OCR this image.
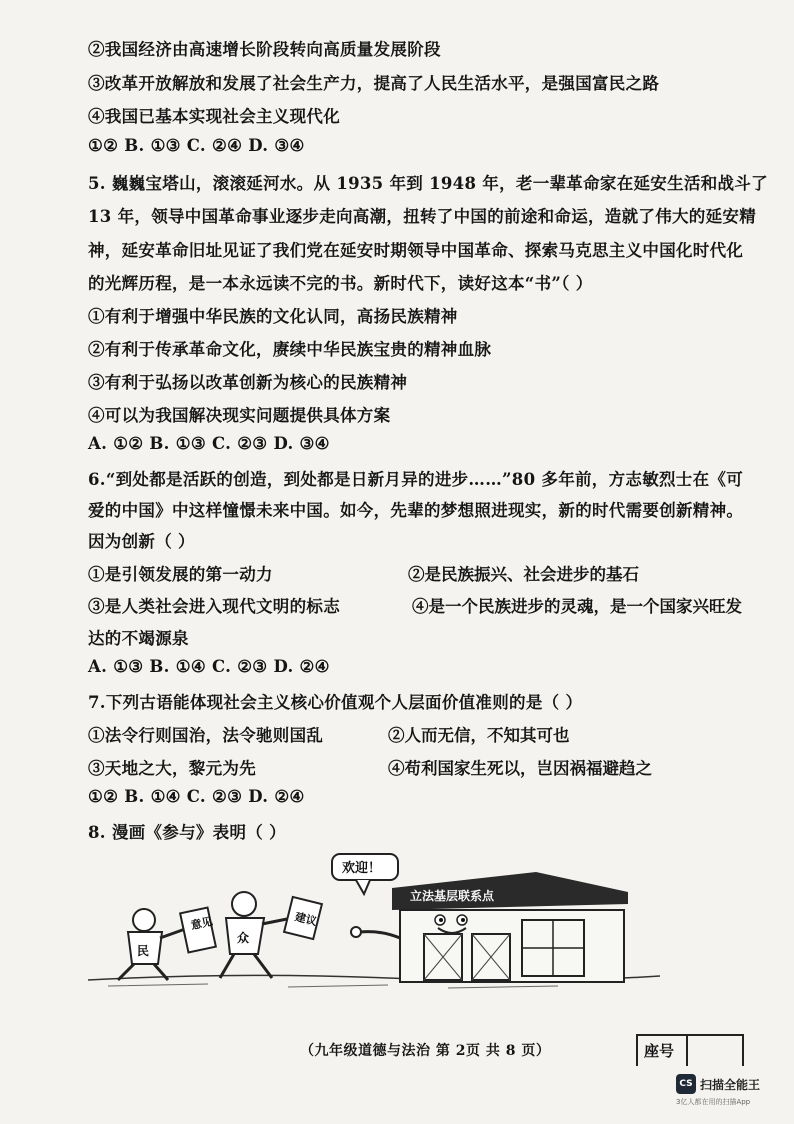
②我国经济由高速增长阶段转向高质量发展阶段
③改革开放解放和发展了社会生产力，提高了人民生活水平，是强国富民之路
④我国已基本实现社会主义现代化
①② B. ①③ C. ②④ D. ③④
5. 巍巍宝塔山，滚滚延河水。从 1935 年到 1948 年，老一辈革命家在延安生活和战斗了
13 年，领导中国革命事业逐步走向高潮，扭转了中国的前途和命运，造就了伟大的延安精
神，延安革命旧址见证了我们党在延安时期领导中国革命、探索马克思主义中国化时代化
的光辉历程，是一本永远读不完的书。新时代下，读好这本“书”（ ）
①有利于增强中华民族的文化认同，高扬民族精神
②有利于传承革命文化，赓续中华民族宝贵的精神血脉
③有利于弘扬以改革创新为核心的民族精神
④可以为我国解决现实问题提供具体方案
A. ①② B. ①③ C. ②③ D. ③④
6.“到处都是活跃的创造，到处都是日新月异的进步……”80 多年前，方志敏烈士在《可
爱的中国》中这样憧憬未来中国。如今，先辈的梦想照进现实，新的时代需要创新精神。
因为创新（ ）
①是引领发展的第一动力	②是民族振兴、社会进步的基石
③是人类社会进入现代文明的标志	④是一个民族进步的灵魂，是一个国家兴旺发
达的不竭源泉
A. ①③ B. ①④ C. ②③ D. ②④
7.下列古语能体现社会主义核心价值观个人层面价值准则的是（ ）
①法令行则国治，法令驰则国乱	②人而无信，不知其可也
③天地之大，黎元为先	④苟利国家生死以，岂因祸福避趋之
①② B. ①④ C. ②③ D. ②④
8. 漫画《参与》表明（ ）
欢迎！
立法基层联系点
民
意见
众
建议
（九年级道德与法治 第 2页 共 8 页）	座号
CS 扫描全能王
3亿人都在用的扫描App
